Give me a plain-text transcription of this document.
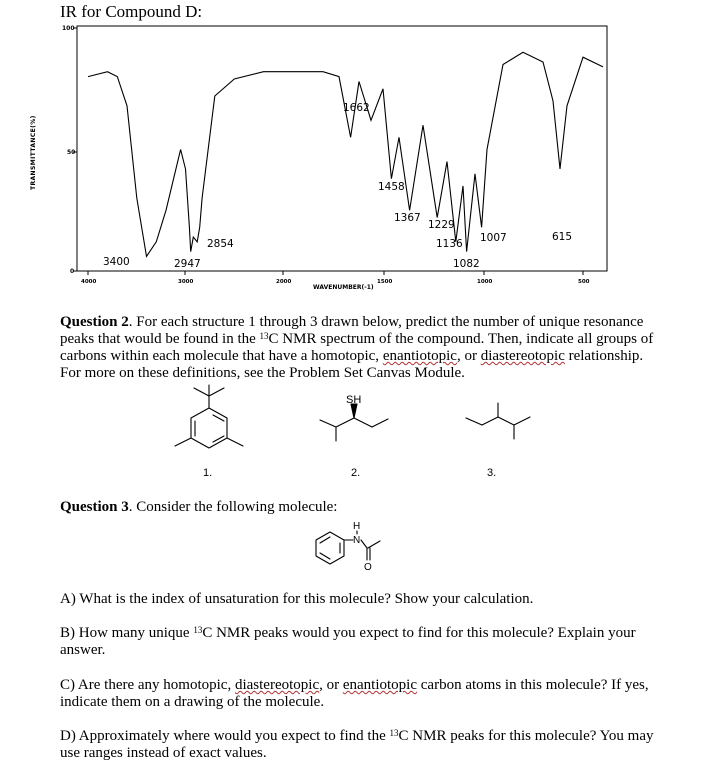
IR for Compound D:
TRANSMITTANCE(%)
WAVENUMBER(-1)
100
50
0
4000	3000	2000	1500	1000	500
1662
1458
1367
1229
1136 1007	615
2854
3400	2947	1082
Question 2. For each structure 1 through 3 drawn below, predict the number of unique resonance peaks that would be found in the $^{13}$C NMR spectrum of the compound. Then, indicate all groups of carbons within each molecule that have a homotopic, enantiotopic, or diastereotopic relationship. For more on these definitions, see the Problem Set Canvas Module.
SH
1.	2.	3.
Question 3. Consider the following molecule:
H
N
O
A) What is the index of unsaturation for this molecule? Show your calculation.
B) How many unique $^{13}$C NMR peaks would you expect to find for this molecule? Explain your answer.
C) Are there any homotopic, diastereotopic, or enantiotopic carbon atoms in this molecule? If yes, indicate them on a drawing of the molecule.
D) Approximately where would you expect to find the $^{13}$C NMR peaks for this molecule? You may use ranges instead of exact values.
